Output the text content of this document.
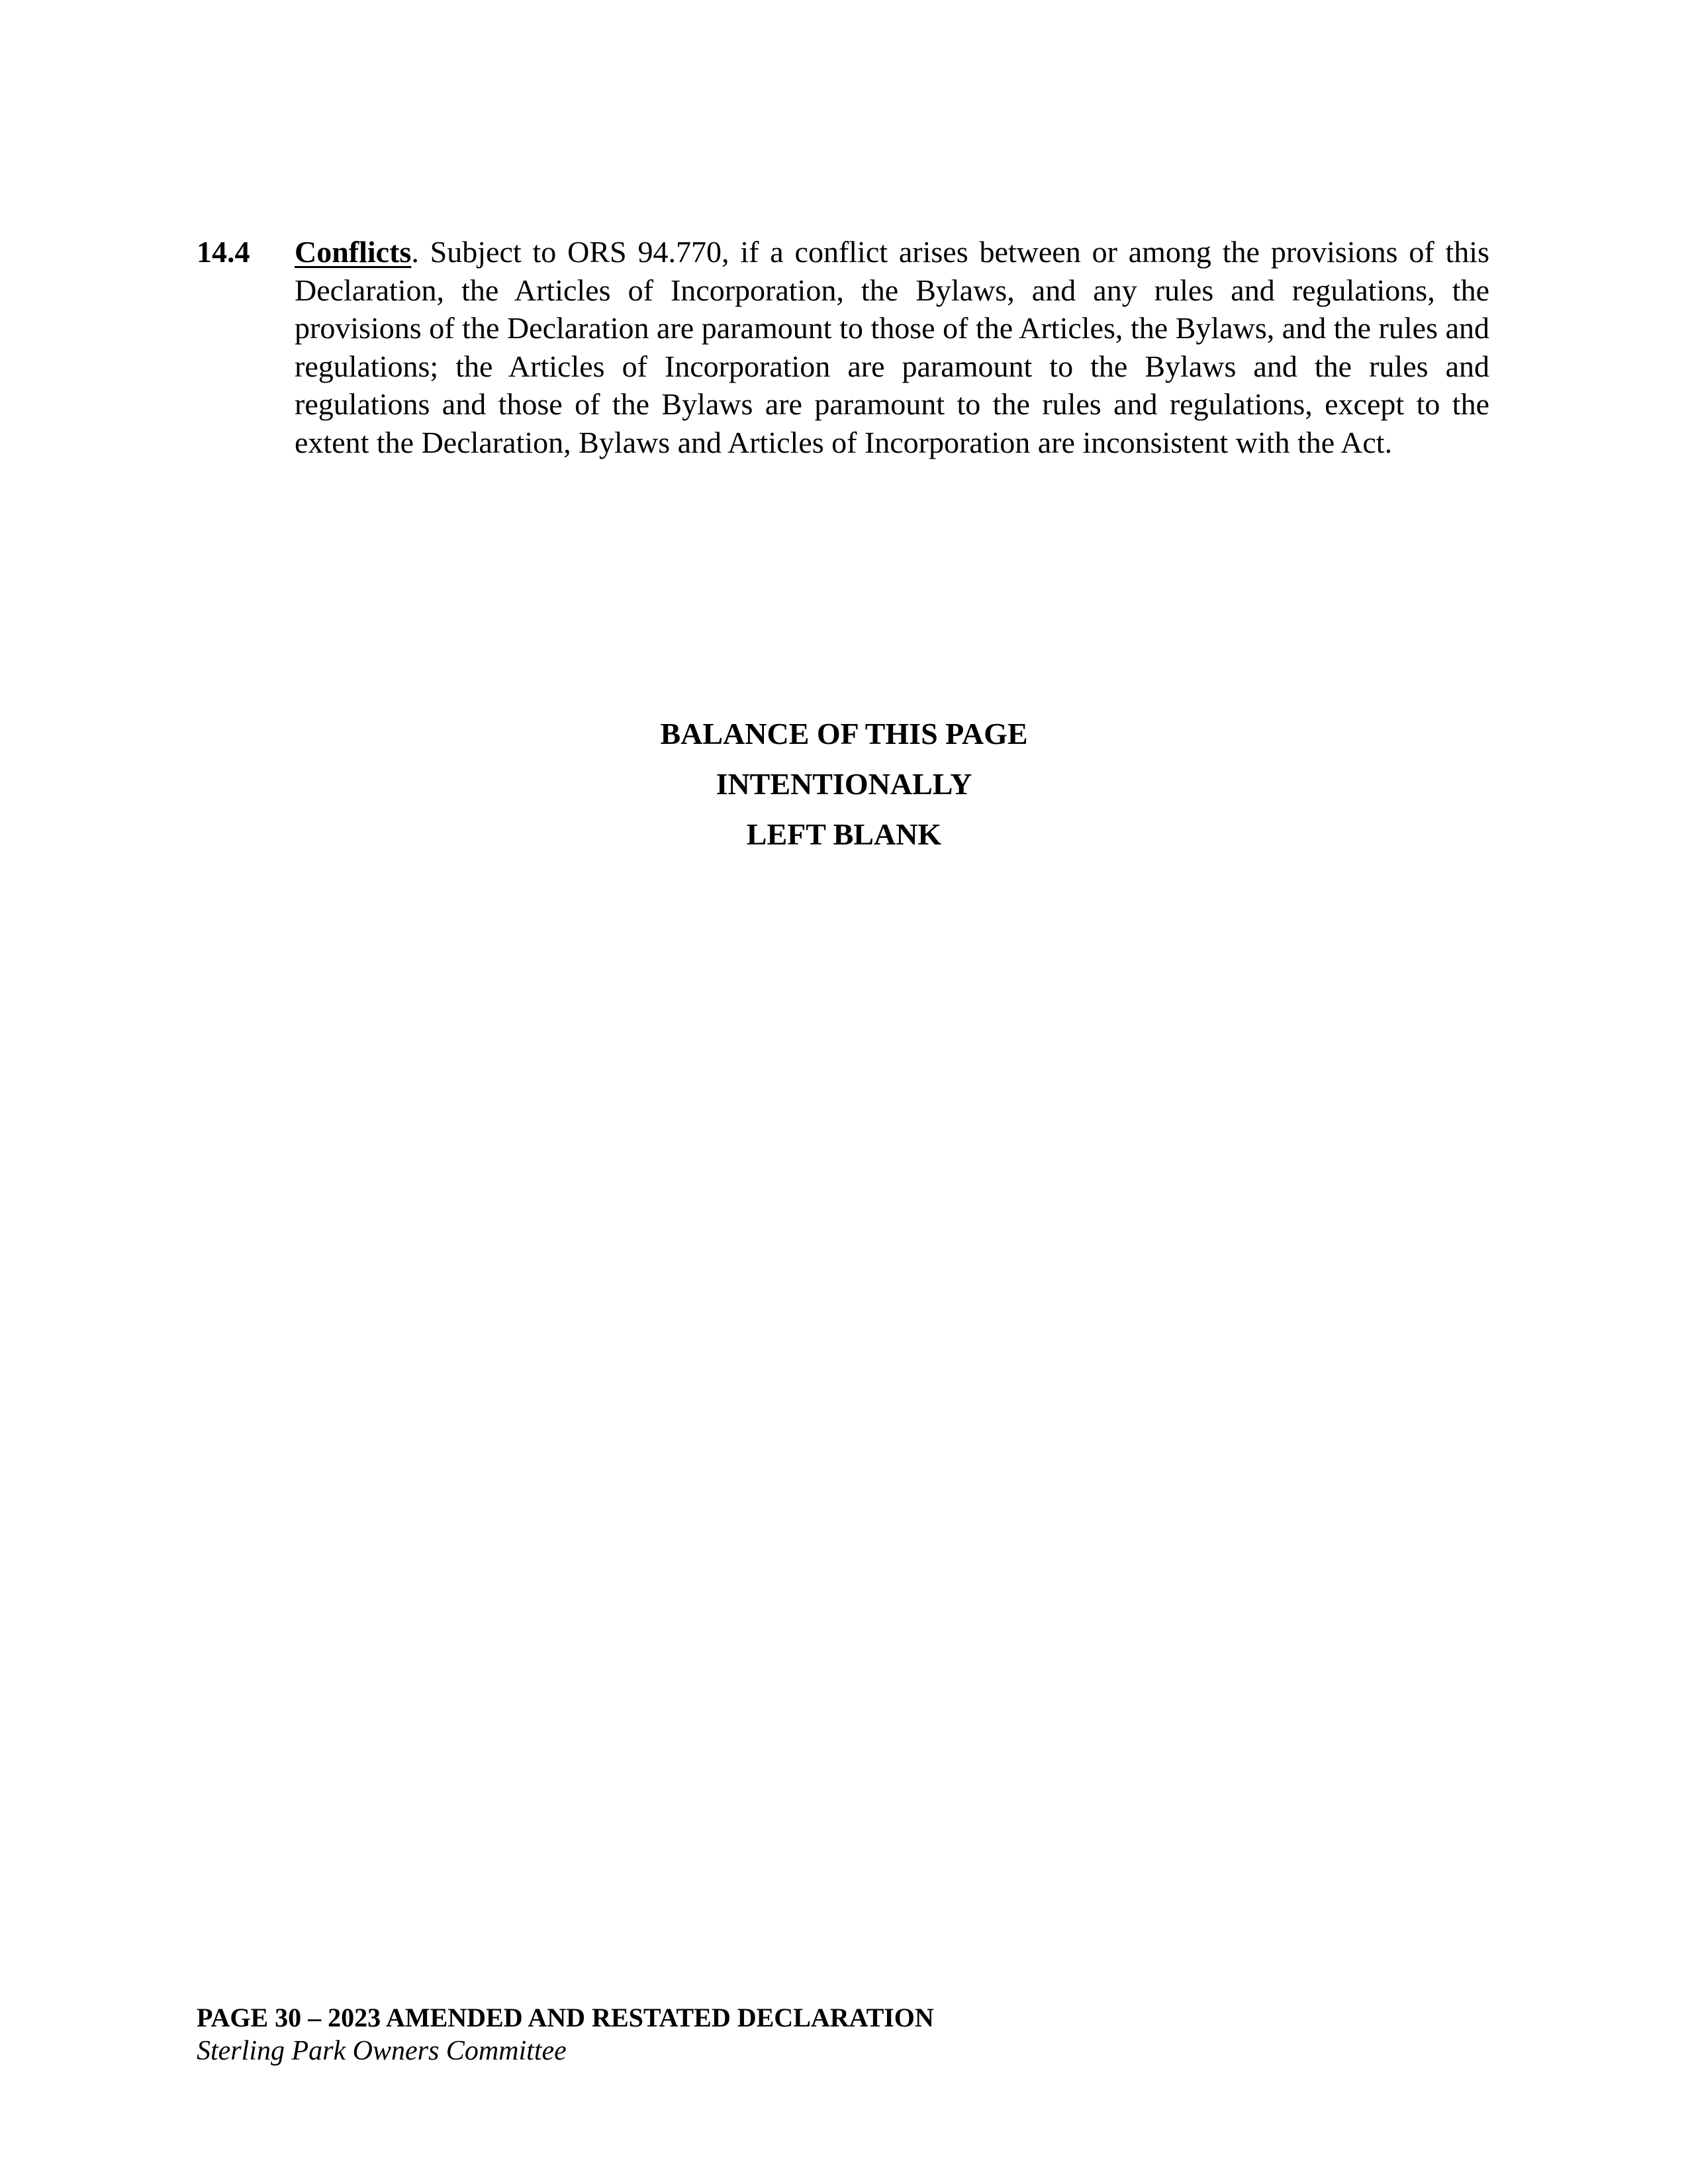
14.4 Conflicts. Subject to ORS 94.770, if a conflict arises between or among the provisions of this Declaration, the Articles of Incorporation, the Bylaws, and any rules and regulations, the provisions of the Declaration are paramount to those of the Articles, the Bylaws, and the rules and regulations; the Articles of Incorporation are paramount to the Bylaws and the rules and regulations and those of the Bylaws are paramount to the rules and regulations, except to the extent the Declaration, Bylaws and Articles of Incorporation are inconsistent with the Act.
BALANCE OF THIS PAGE
INTENTIONALLY
LEFT BLANK
PAGE 30 – 2023 AMENDED AND RESTATED DECLARATION
Sterling Park Owners Committee
